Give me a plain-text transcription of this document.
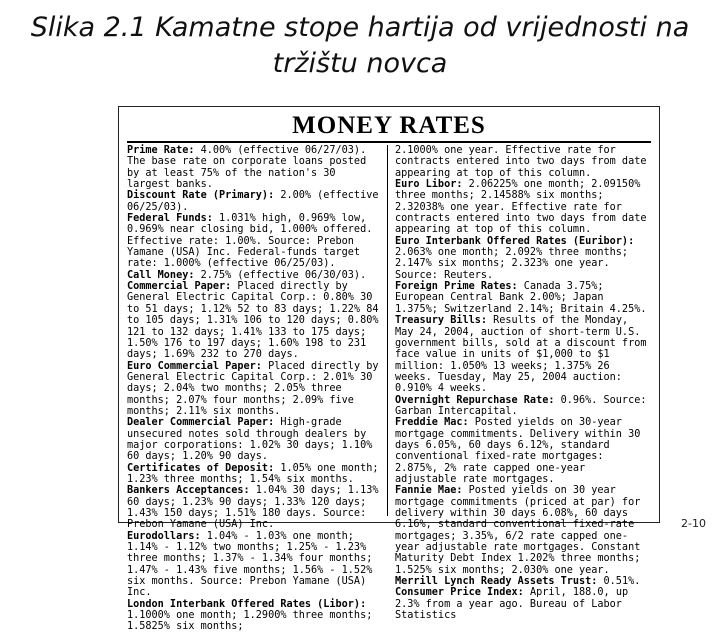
Slika 2.1 Kamatne stope hartija od vrijednosti na
tržištu novca
MONEY RATES

Prime Rate: 4.00% (effective 06/27/03). The base rate on corporate loans posted by at least 75% of the nation's 30 largest banks.

Discount Rate (Primary): 2.00% (effective 06/25/03).

Federal Funds: 1.031% high, 0.969% low, 0.969% near closing bid, 1.000% offered. Effective rate: 1.00%. Source: Prebon Yamane (USA) Inc. Federal-funds target rate: 1.000% (effective 06/25/03).

Call Money: 2.75% (effective 06/30/03).

Commercial Paper: Placed directly by General Electric Capital Corp.: 0.80% 30 to 51 days; 1.12% 52 to 83 days; 1.22% 84 to 105 days; 1.31% 106 to 120 days; 0.80% 121 to 132 days; 1.41% 133 to 175 days; 1.50% 176 to 197 days; 1.60% 198 to 231 days; 1.69% 232 to 270 days.

Euro Commercial Paper: Placed directly by General Electric Capital Corp.: 2.01% 30 days; 2.04% two months; 2.05% three months; 2.07% four months; 2.09% five months; 2.11% six months.

Dealer Commercial Paper: High-grade unsecured notes sold through dealers by major corporations: 1.02% 30 days; 1.10% 60 days; 1.20% 90 days.

Certificates of Deposit: 1.05% one month; 1.23% three months; 1.54% six months.

Bankers Acceptances: 1.04% 30 days; 1.13% 60 days; 1.23% 90 days; 1.33% 120 days; 1.43% 150 days; 1.51% 180 days. Source: Prebon Yamane (USA) Inc.

Eurodollars: 1.04% - 1.03% one month; 1.14% - 1.12% two months; 1.25% - 1.23% three months; 1.37% - 1.34% four months; 1.47% - 1.43% five months; 1.56% - 1.52% six months. Source: Prebon Yamane (USA) Inc.

London Interbank Offered Rates (Libor): 1.1000% one month; 1.2900% three months; 1.5825% six months;

2.1000% one year. Effective rate for contracts entered into two days from date appearing at top of this column.

Euro Libor: 2.06225% one month; 2.09150% three months; 2.14588% six months; 2.32038% one year. Effective rate for contracts entered into two days from date appearing at top of this column.

Euro Interbank Offered Rates (Euribor): 2.063% one month; 2.092% three months; 2.147% six months; 2.323% one year. Source: Reuters.

Foreign Prime Rates: Canada 3.75%; European Central Bank 2.00%; Japan 1.375%; Switzerland 2.14%; Britain 4.25%.

Treasury Bills: Results of the Monday, May 24, 2004, auction of short-term U.S. government bills, sold at a discount from face value in units of $1,000 to $1 million: 1.050% 13 weeks; 1.375% 26 weeks. Tuesday, May 25, 2004 auction: 0.910% 4 weeks.

Overnight Repurchase Rate: 0.96%. Source: Garban Intercapital.

Freddie Mac: Posted yields on 30-year mortgage commitments. Delivery within 30 days 6.05%, 60 days 6.12%, standard conventional fixed-rate mortgages: 2.875%, 2% rate capped one-year adjustable rate mortgages.

Fannie Mae: Posted yields on 30 year mortgage commitments (priced at par) for delivery within 30 days 6.08%, 60 days 6.16%, standard conventional fixed-rate mortgages; 3.35%, 6/2 rate capped one-year adjustable rate mortgages. Constant Maturity Debt Index 1.202% three months; 1.525% six months; 2.030% one year.

Merrill Lynch Ready Assets Trust: 0.51%.

Consumer Price Index: April, 188.0, up 2.3% from a year ago. Bureau of Labor Statistics

2-10
